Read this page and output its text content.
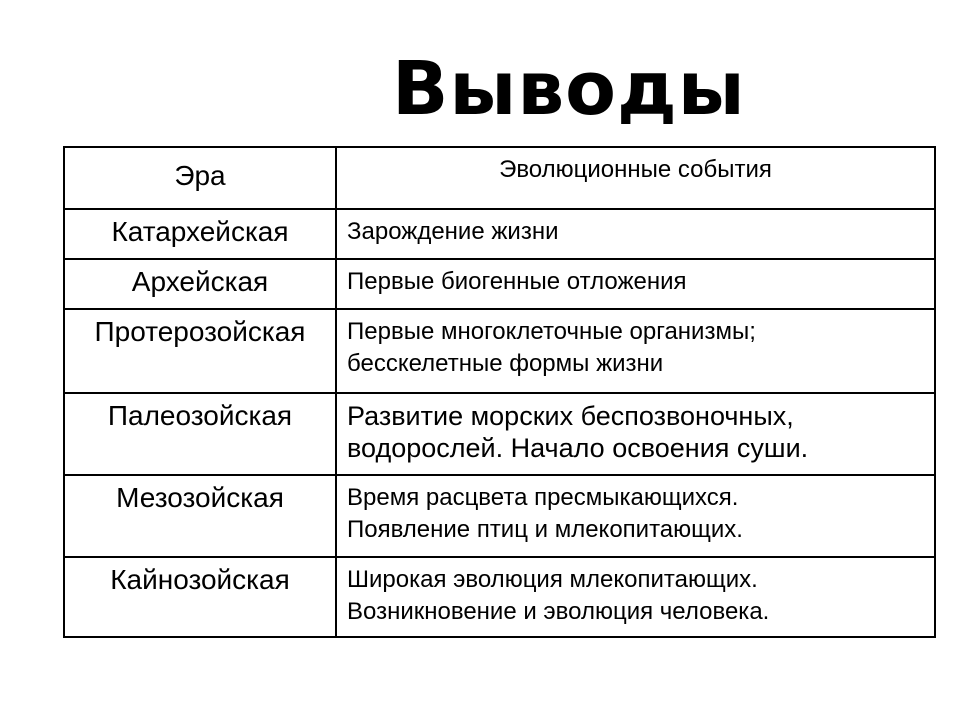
Выводы
Эра	Эволюционные события
Катархейская	Зарождение жизни

Архейская	Первые биогенные отложения

Протерозойская	Первые многоклеточные организмы;
бесскелетные формы жизни

Палеозойская	Развитие морских беспозвоночных,
водорослей. Начало освоения суши.

Мезозойская	Время расцвета пресмыкающихся.
Появление птиц и млекопитающих.

Кайнозойская	Широкая эволюция млекопитающих.
Возникновение и эволюция человека.
